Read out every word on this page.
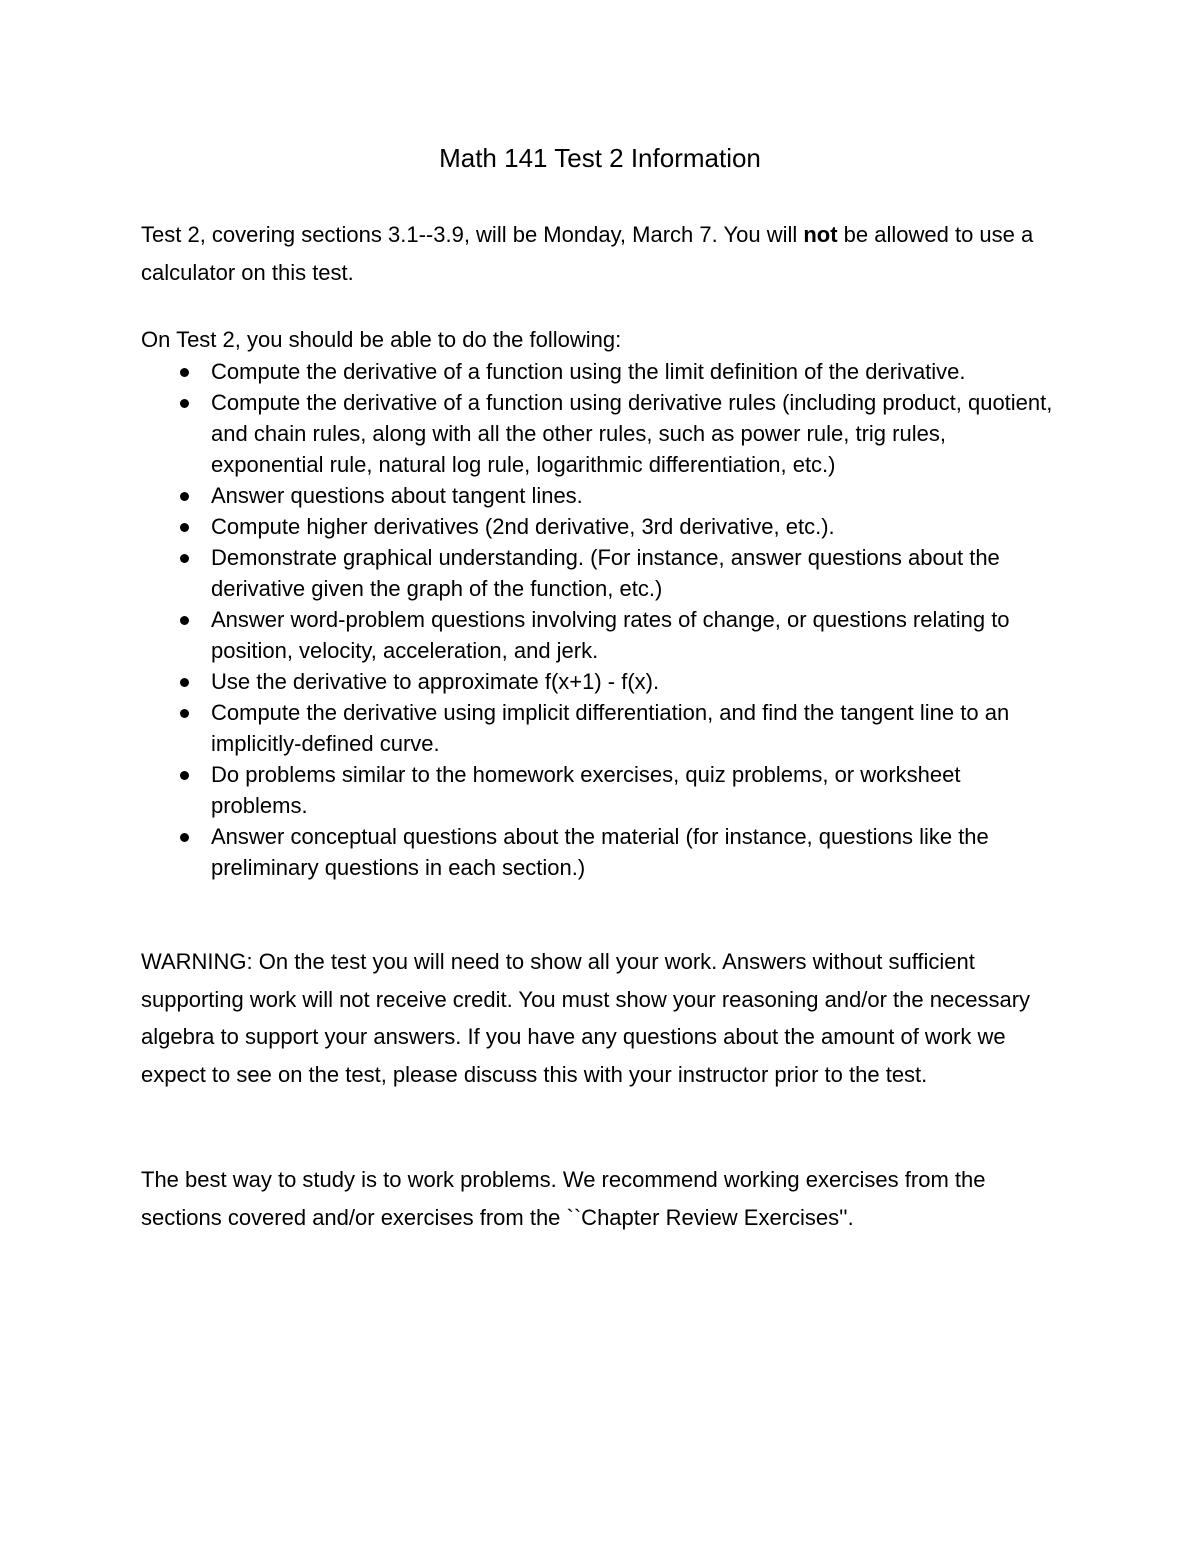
Math 141 Test 2 Information

Test 2, covering sections 3.1--3.9, will be Monday, March 7. You will not be allowed to use a calculator on this test.

On Test 2, you should be able to do the following:

Compute the derivative of a function using the limit definition of the derivative.
Compute the derivative of a function using derivative rules (including product, quotient, and chain rules, along with all the other rules, such as power rule, trig rules, exponential rule, natural log rule, logarithmic differentiation, etc.)
Answer questions about tangent lines.
Compute higher derivatives (2nd derivative, 3rd derivative, etc.).
Demonstrate graphical understanding. (For instance, answer questions about the derivative given the graph of the function, etc.)
Answer word-problem questions involving rates of change, or questions relating to position, velocity, acceleration, and jerk.
Use the derivative to approximate f(x+1) - f(x).
Compute the derivative using implicit differentiation, and find the tangent line to an implicitly-defined curve.
Do problems similar to the homework exercises, quiz problems, or worksheet problems.
Answer conceptual questions about the material (for instance, questions like the preliminary questions in each section.)

WARNING: On the test you will need to show all your work. Answers without sufficient supporting work will not receive credit. You must show your reasoning and/or the necessary algebra to support your answers. If you have any questions about the amount of work we expect to see on the test, please discuss this with your instructor prior to the test.

The best way to study is to work problems. We recommend working exercises from the sections covered and/or exercises from the ``Chapter Review Exercises''.
